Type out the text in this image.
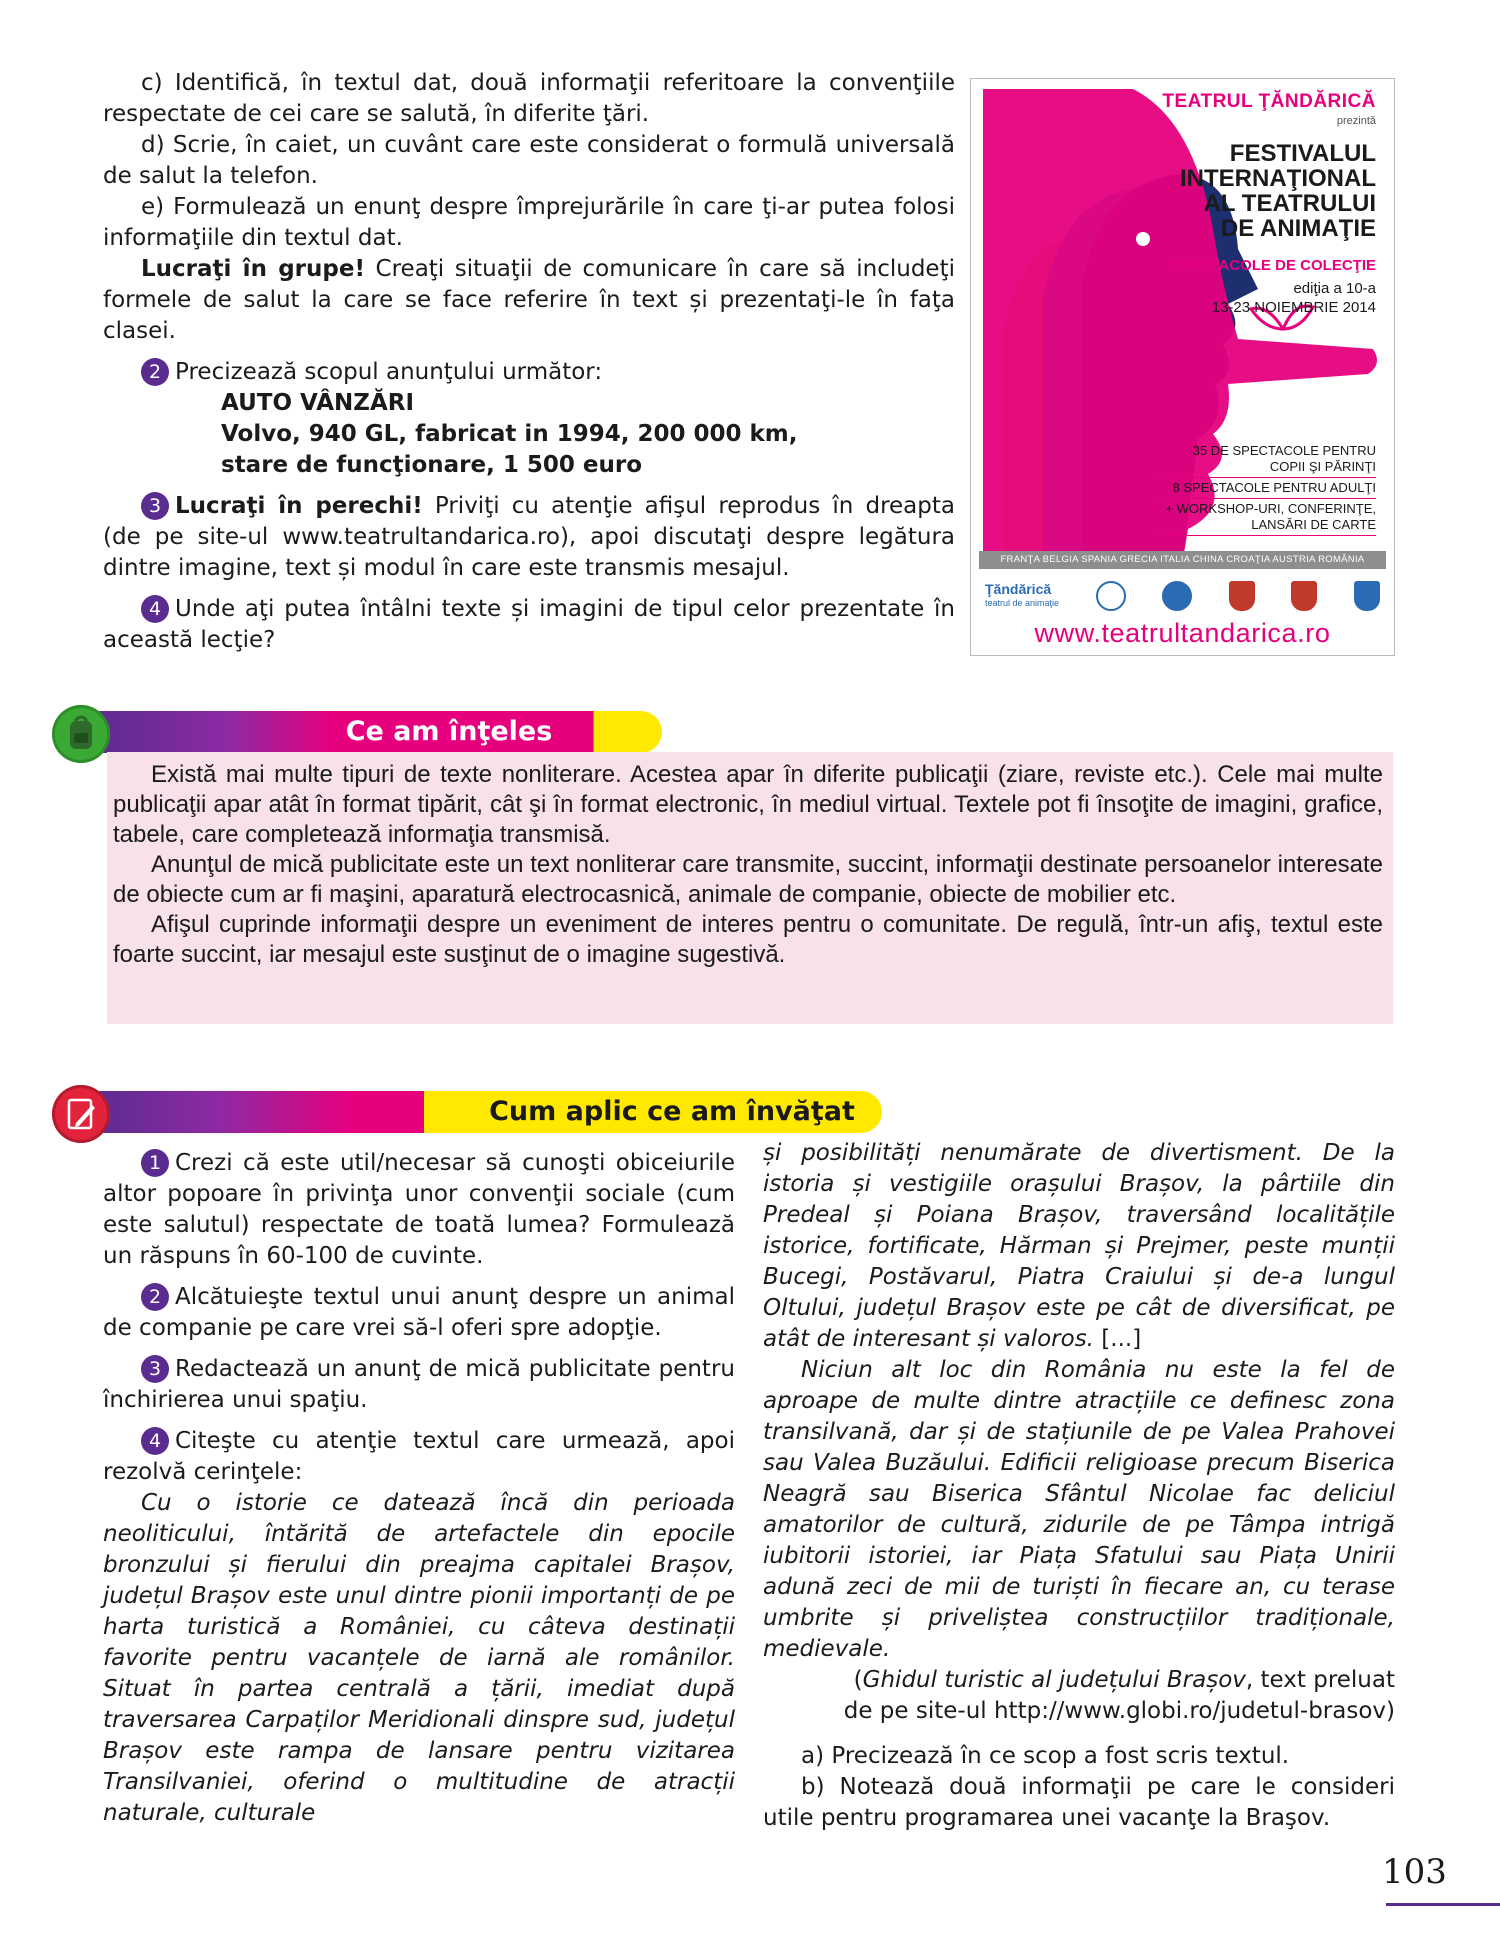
c) Identifică, în textul dat, două informaţii referitoare la convenţiile respectate de cei care se salută, în diferite ţări.

d) Scrie, în caiet, un cuvânt care este considerat o formulă universală de salut la telefon.

e) Formulează un enunţ despre împrejurările în care ţi-ar putea folosi informaţiile din textul dat.

Lucraţi în grupe! Creaţi situaţii de comunicare în care să includeţi formele de salut la care se face referire în text și prezentaţi-le în faţa clasei.

2 Precizează scopul anunţului următor:

AUTO VÂNZĂRI

Volvo, 940 GL, fabricat in 1994, 200 000 km,

stare de funcţionare, 1 500 euro

3 Lucraţi în perechi! Priviţi cu atenţie afişul reprodus în dreapta (de pe site-ul www.teatrultandarica.ro), apoi discutaţi despre legătura dintre imagine, text și modul în care este transmis mesajul.

4 Unde aţi putea întâlni texte și imagini de tipul celor prezentate în această lecţie?

TEATRUL ŢĂNDĂRICĂ
prezintă
FESTIVALUL
INTERNAŢIONAL
AL TEATRULUI
DE ANIMAŢIE
SPECTACOLE DE COLECŢIE
ediţia a 10-a
13-23 NOIEMBRIE 2014
35 DE SPECTACOLE PENTRU COPII ŞI PĂRINŢI
8 SPECTACOLE PENTRU ADULŢI
+ WORKSHOP-URI, CONFERINŢE, LANSĂRI DE CARTE
FRANŢA BELGIA SPANIA GRECIA ITALIA CHINA CROAŢIA AUSTRIA ROMÂNIA
Ţăndărică
teatrul de animaţie
www.teatrultandarica.ro
Ce am înţeles

Există mai multe tipuri de texte nonliterare. Acestea apar în diferite publicaţii (ziare, reviste etc.). Cele mai multe publicaţii apar atât în format tipărit, cât şi în format electronic, în mediul virtual. Textele pot fi însoţite de imagini, grafice, tabele, care completează informaţia transmisă.

Anunţul de mică publicitate este un text nonliterar care transmite, succint, informaţii destinate persoanelor interesate de obiecte cum ar fi maşini, aparatură electrocasnică, animale de companie, obiecte de mobilier etc.

Afişul cuprinde informaţii despre un eveniment de interes pentru o comunitate. De regulă, într-un afiş, textul este foarte succint, iar mesajul este susţinut de o imagine sugestivă.

Cum aplic ce am învăţat

1 Crezi că este util/necesar să cunoşti obiceiurile altor popoare în privinţa unor convenţii sociale (cum este salutul) respectate de toată lumea? Formulează un răspuns în 60-100 de cuvinte.

2 Alcătuieşte textul unui anunţ despre un animal de companie pe care vrei să-l oferi spre adopţie.

3 Redactează un anunţ de mică publicitate pentru închirierea unui spaţiu.

4 Citeşte cu atenţie textul care urmează, apoi rezolvă cerinţele:

Cu o istorie ce datează încă din perioada neoliticului, întărită de artefactele din epocile bronzului și fierului din preajma capitalei Brașov, județul Brașov este unul dintre pionii importanți de pe harta turistică a României, cu câteva destinații favorite pentru vacanțele de iarnă ale românilor. Situat în partea centrală a țării, imediat după traversarea Carpaților Meridionali dinspre sud, județul Brașov este rampa de lansare pentru vizitarea Transilvaniei, oferind o multitudine de atracții naturale, culturale

și posibilități nenumărate de divertisment. De la istoria și vestigiile orașului Brașov, la pârtiile din Predeal și Poiana Brașov, traversând localitățile istorice, fortificate, Hărman și Prejmer, peste munții Bucegi, Postăvarul, Piatra Craiului și de-a lungul Oltului, județul Brașov este pe cât de diversificat, pe atât de interesant și valoros. [...]

Niciun alt loc din România nu este la fel de aproape de multe dintre atracțiile ce definesc zona transilvană, dar și de stațiunile de pe Valea Prahovei sau Valea Buzăului. Edificii religioase precum Biserica Neagră sau Biserica Sfântul Nicolae fac deliciul amatorilor de cultură, zidurile de pe Tâmpa intrigă iubitorii istoriei, iar Piața Sfatului sau Piața Unirii adună zeci de mii de turiști în fiecare an, cu terase umbrite și privelіștea construcțiilor tradiționale, medievale.

(Ghidul turistic al județului Brașov, text preluat de pe site-ul http://www.globi.ro/judetul-brasov)

a) Precizează în ce scop a fost scris textul.

b) Notează două informaţii pe care le consideri utile pentru programarea unei vacanţe la Braşov.

103
